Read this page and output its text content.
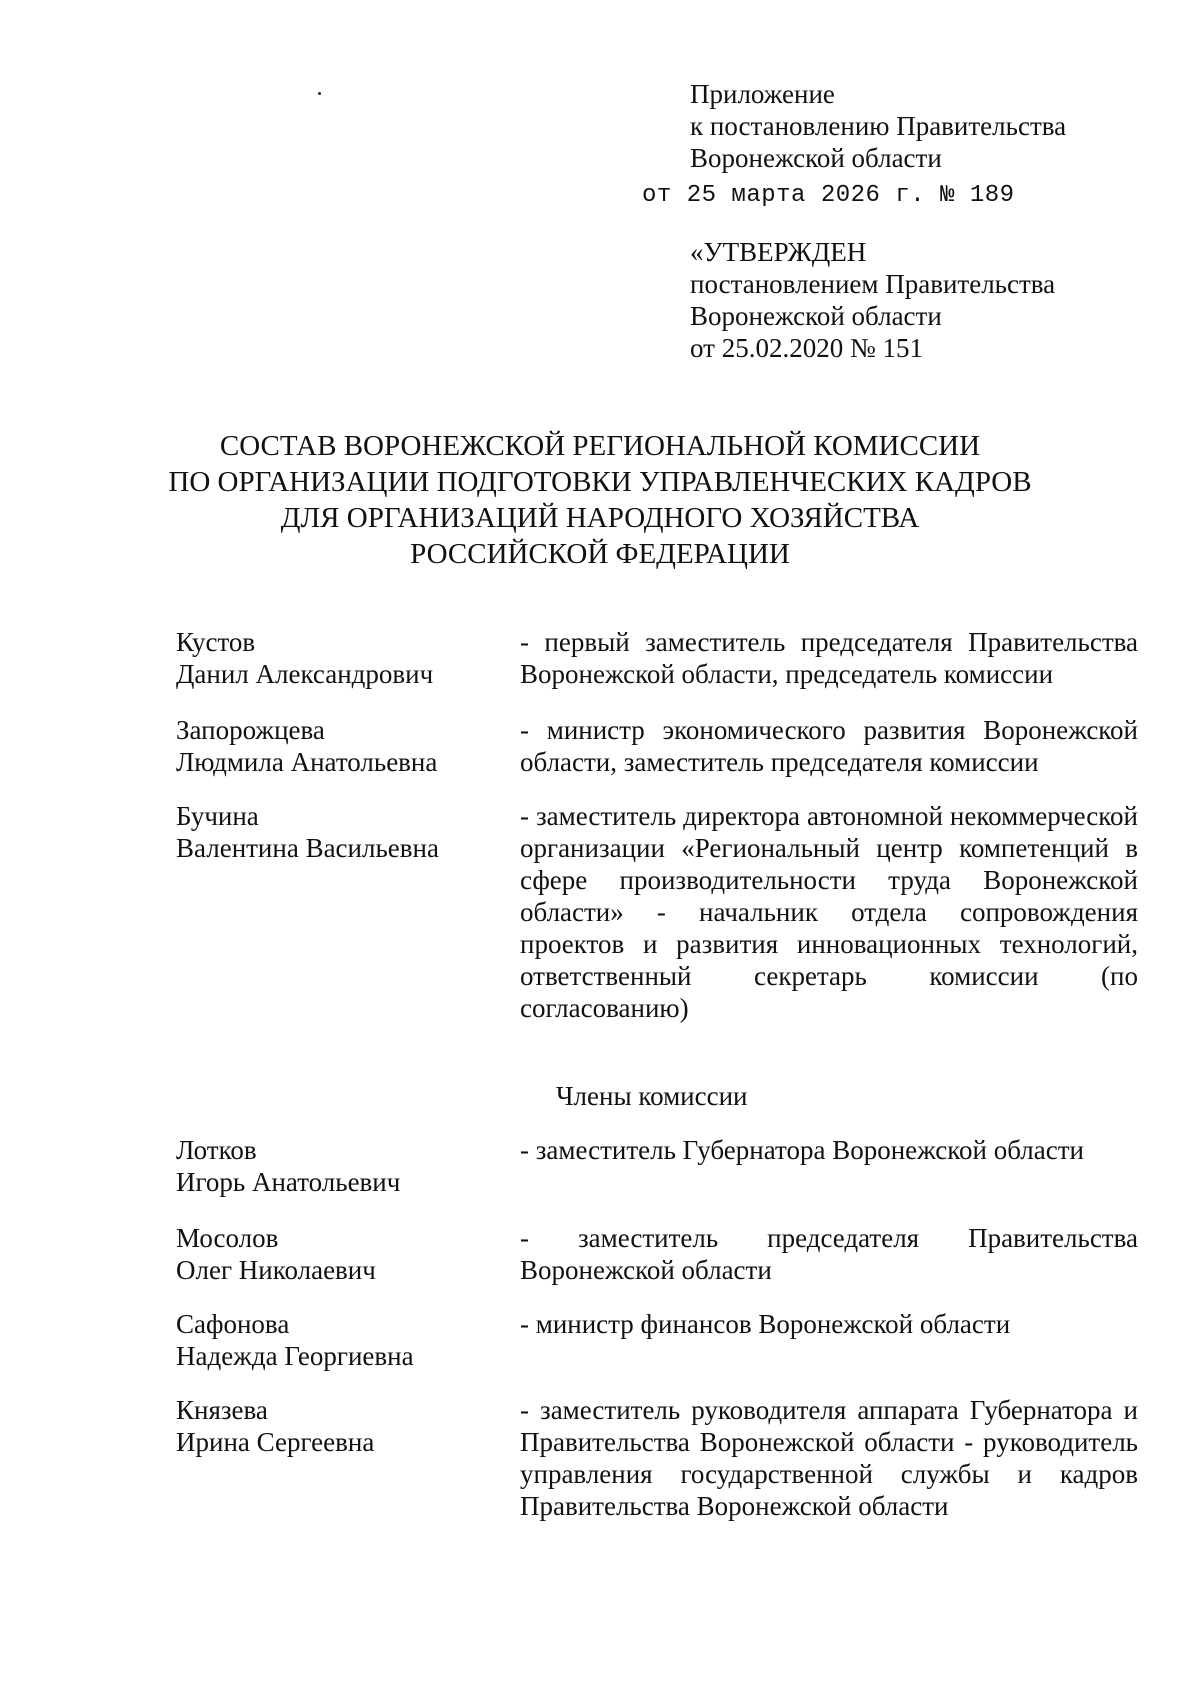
Приложение
к постановлению Правительства
Воронежской области
от 25 марта 2026 г. № 189
«УТВЕРЖДЕН
постановлением Правительства
Воронежской области
от 25.02.2020 № 151
СОСТАВ ВОРОНЕЖСКОЙ РЕГИОНАЛЬНОЙ КОМИССИИ
ПО ОРГАНИЗАЦИИ ПОДГОТОВКИ УПРАВЛЕНЧЕСКИХ КАДРОВ
ДЛЯ ОРГАНИЗАЦИЙ НАРОДНОГО ХОЗЯЙСТВА
РОССИЙСКОЙ ФЕДЕРАЦИИ
Кустов
Данил Александрович
- первый заместитель председателя Правительства Воронежской области, председатель комиссии
Запорожцева
Людмила Анатольевна
- министр экономического развития Воронежской области, заместитель председателя комиссии
Бучина
Валентина Васильевна
- заместитель директора автономной некоммерческой организации «Региональный центр компетенций в сфере производительности труда Воронежской области» - начальник отдела сопровождения проектов и развития инновационных технологий, ответственный секретарь комиссии (по согласованию)
Члены комиссии
Лотков
Игорь Анатольевич
- заместитель Губернатора Воронежской области
Мосолов
Олег Николаевич
- заместитель председателя Правительства Воронежской области
Сафонова
Надежда Георгиевна
- министр финансов Воронежской области
Князева
Ирина Сергеевна
- заместитель руководителя аппарата Губернатора и Правительства Воронежской области - руководитель управления государственной службы и кадров Правительства Воронежской области
